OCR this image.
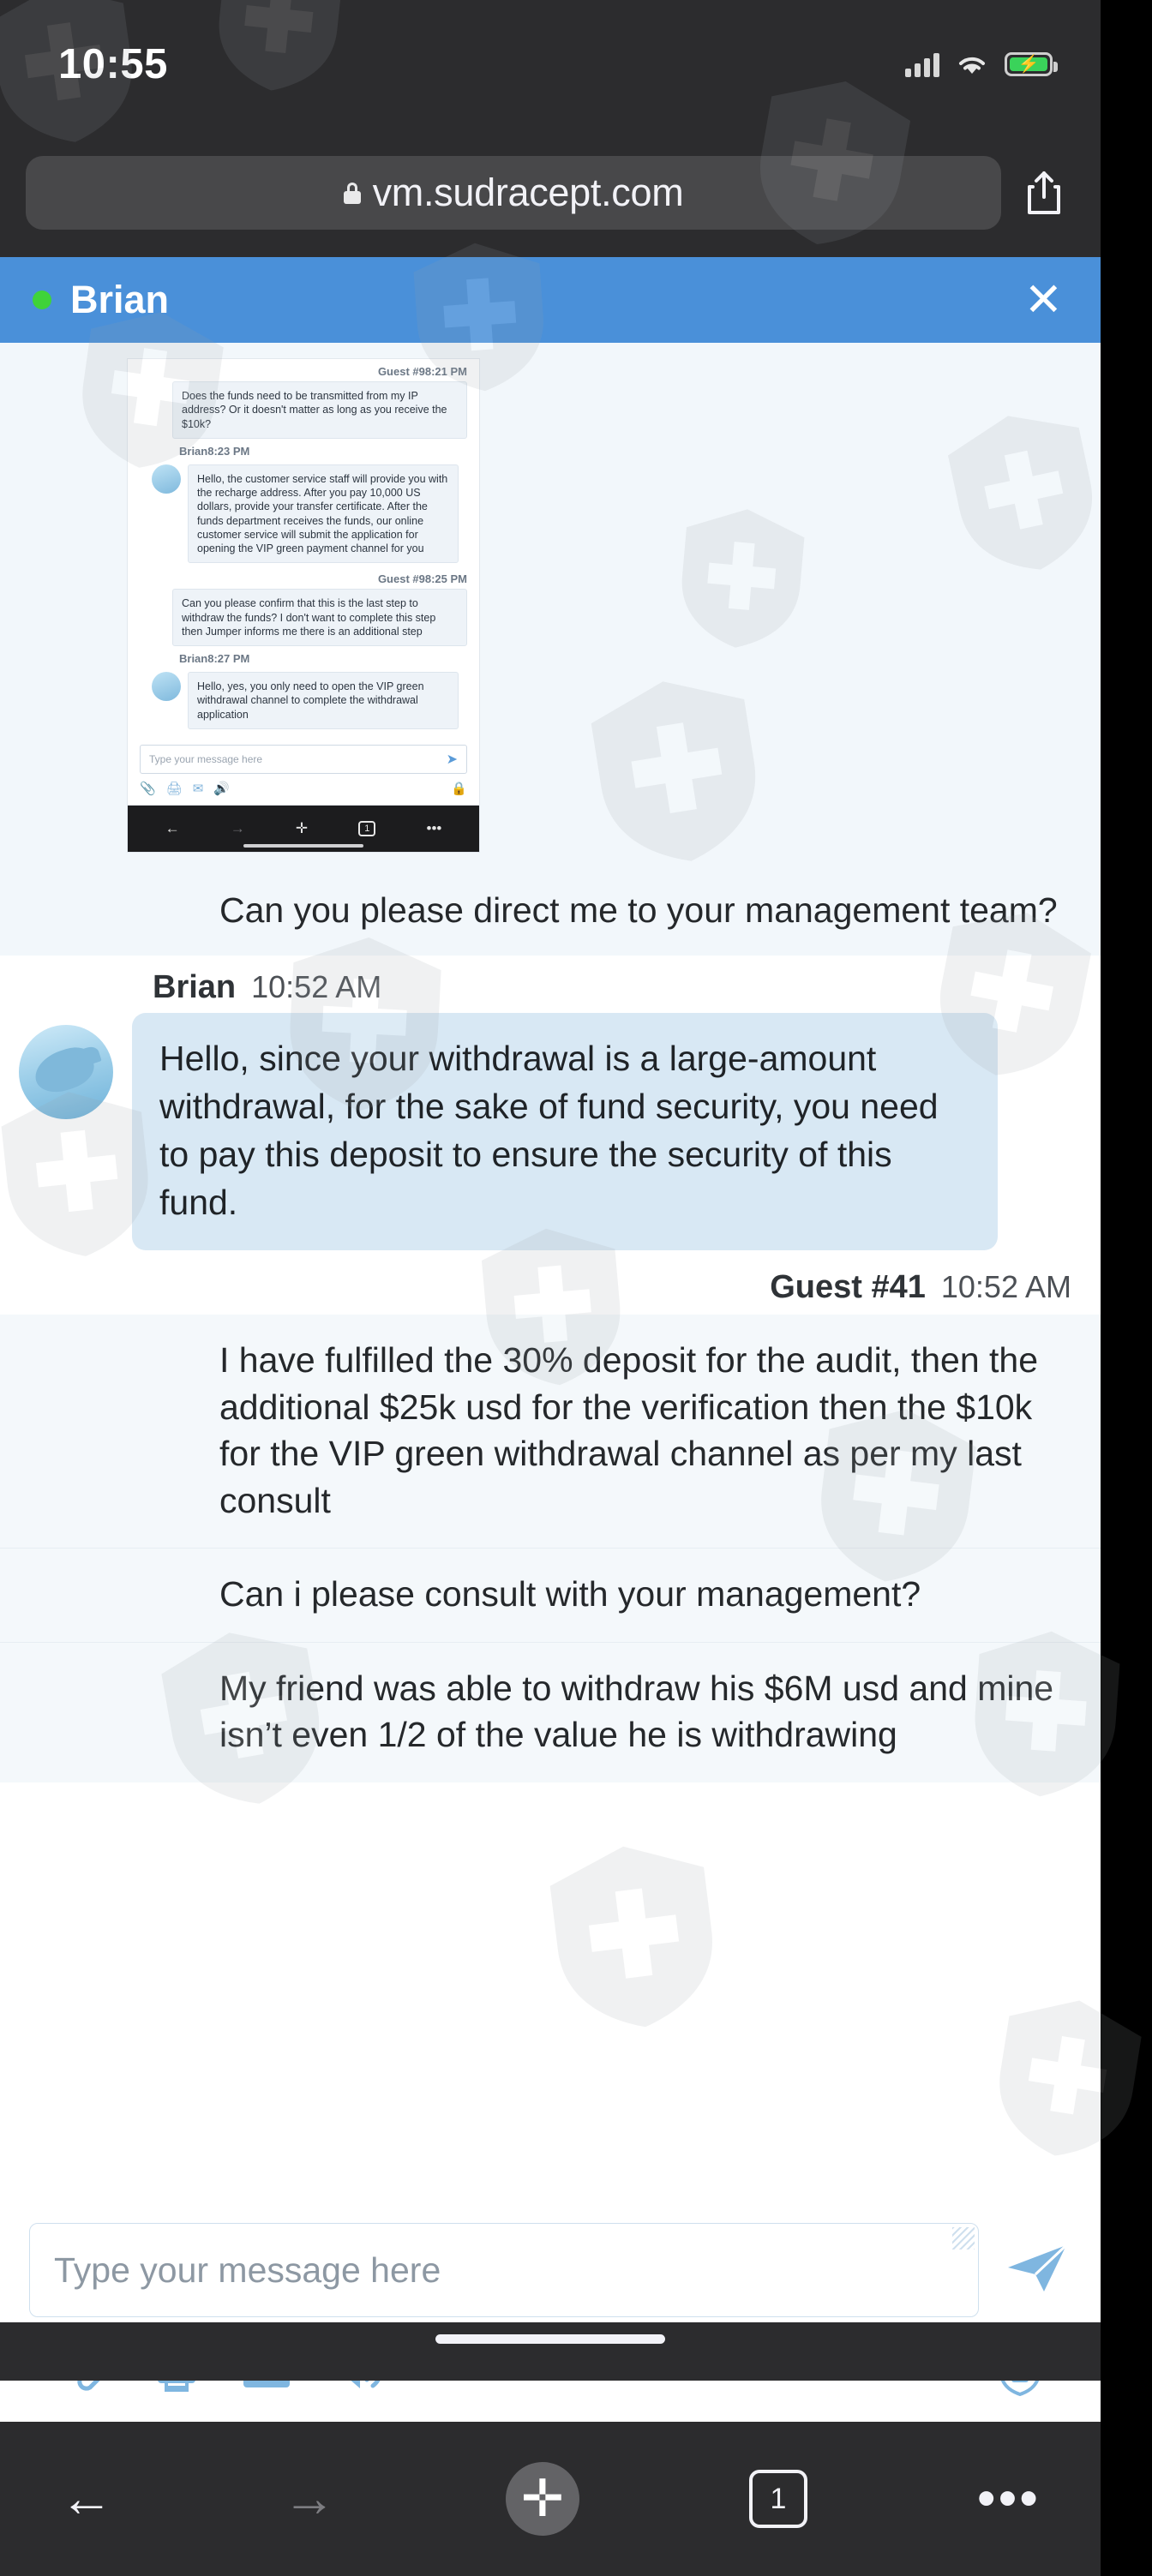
10:55	⚡
vm.sudracept.com
Brian	✕
Guest #98:21 PM
Does the funds need to be transmitted from my IP address? Or it doesn't matter as long as you receive the $10k?
Brian8:23 PM
Hello, the customer service staff will provide you with the recharge address. After you pay 10,000 US dollars, provide your transfer certificate. After the funds department receives the funds, our online customer service will submit the application for opening the VIP green payment channel for you
Guest #98:25 PM
Can you please confirm that this is the last step to withdraw the funds? I don't want to complete this step then Jumper informs me there is an additional step
Brian8:27 PM
Hello, yes, you only need to open the VIP green withdrawal channel to complete the withdrawal application
Type your message here	➤
📎 🖨 ✉ 🔊	🔒
←	→	✛	1	•••
Can you please direct me to your management team?
Brian 10:52 AM
Hello, since your withdrawal is a large-amount withdrawal, for the sake of fund security, you need to pay this deposit to ensure the security of this fund.
Guest #41 10:52 AM
I have fulfilled the 30% deposit for the audit, then the additional $25k usd for the verification then the $10k for the VIP green withdrawal channel as per my last consult
Can i please consult with your management?
My friend was able to withdraw his $6M usd and mine isn’t even 1/2 of the value he is withdrawing
Type your message here
←	→	✛	1	•••
